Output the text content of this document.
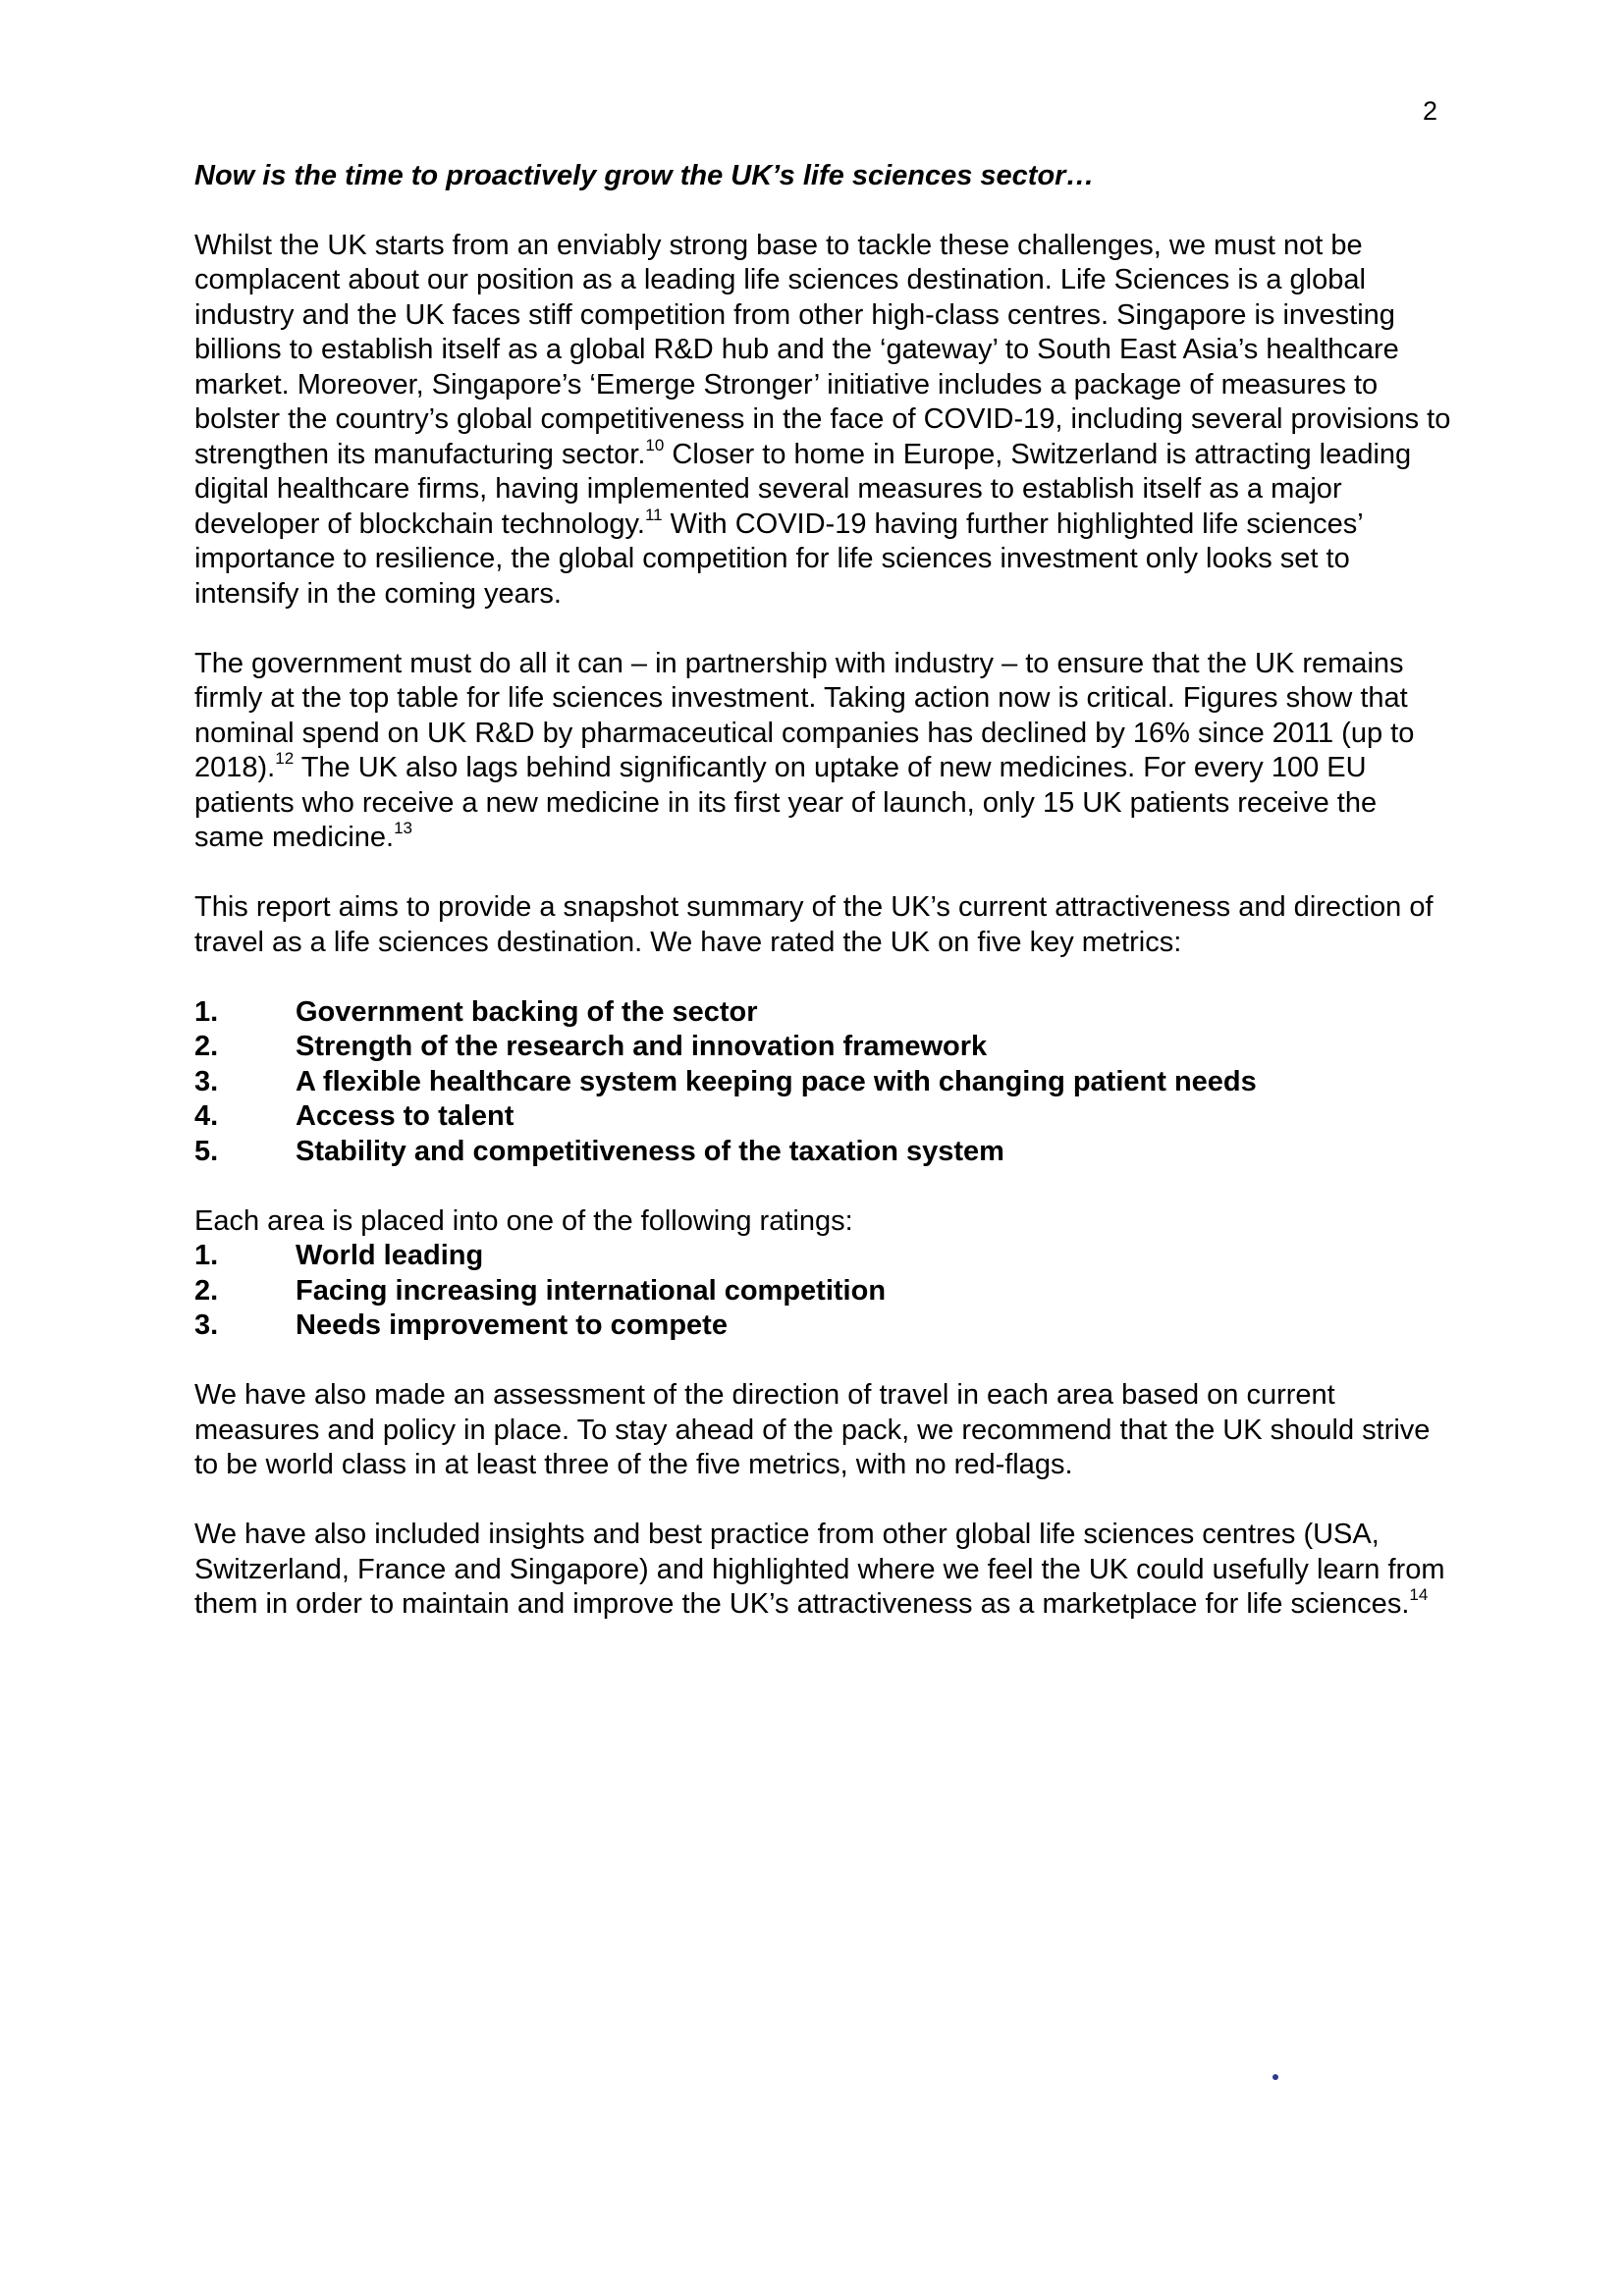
2
Now is the time to proactively grow the UK’s life sciences sector…

Whilst the UK starts from an enviably strong base to tackle these challenges, we must not be complacent about our position as a leading life sciences destination. Life Sciences is a global industry and the UK faces stiff competition from other high-class centres. Singapore is investing billions to establish itself as a global R&D hub and the ‘gateway’ to South East Asia’s healthcare market. Moreover, Singapore’s ‘Emerge Stronger’ initiative includes a package of measures to bolster the country’s global competitiveness in the face of COVID-19, including several provisions to strengthen its manufacturing sector.$^{10}$ Closer to home in Europe, Switzerland is attracting leading digital healthcare firms, having implemented several measures to establish itself as a major developer of blockchain technology.$^{11}$ With COVID-19 having further highlighted life sciences’ importance to resilience, the global competition for life sciences investment only looks set to intensify in the coming years.

The government must do all it can – in partnership with industry – to ensure that the UK remains firmly at the top table for life sciences investment. Taking action now is critical. Figures show that nominal spend on UK R&D by pharmaceutical companies has declined by 16% since 2011 (up to 2018).$^{12}$ The UK also lags behind significantly on uptake of new medicines. For every 100 EU patients who receive a new medicine in its first year of launch, only 15 UK patients receive the same medicine.$^{13}$

This report aims to provide a snapshot summary of the UK’s current attractiveness and direction of travel as a life sciences destination. We have rated the UK on five key metrics:

1.	Government backing of the sector
2.	Strength of the research and innovation framework
3.	A flexible healthcare system keeping pace with changing patient needs
4.	Access to talent
5.	Stability and competitiveness of the taxation system

Each area is placed into one of the following ratings:

1.	World leading
2.	Facing increasing international competition
3.	Needs improvement to compete

We have also made an assessment of the direction of travel in each area based on current measures and policy in place. To stay ahead of the pack, we recommend that the UK should strive to be world class in at least three of the five metrics, with no red-flags.

We have also included insights and best practice from other global life sciences centres (USA, Switzerland, France and Singapore) and highlighted where we feel the UK could usefully learn from them in order to maintain and improve the UK’s attractiveness as a marketplace for life sciences.$^{14}$
